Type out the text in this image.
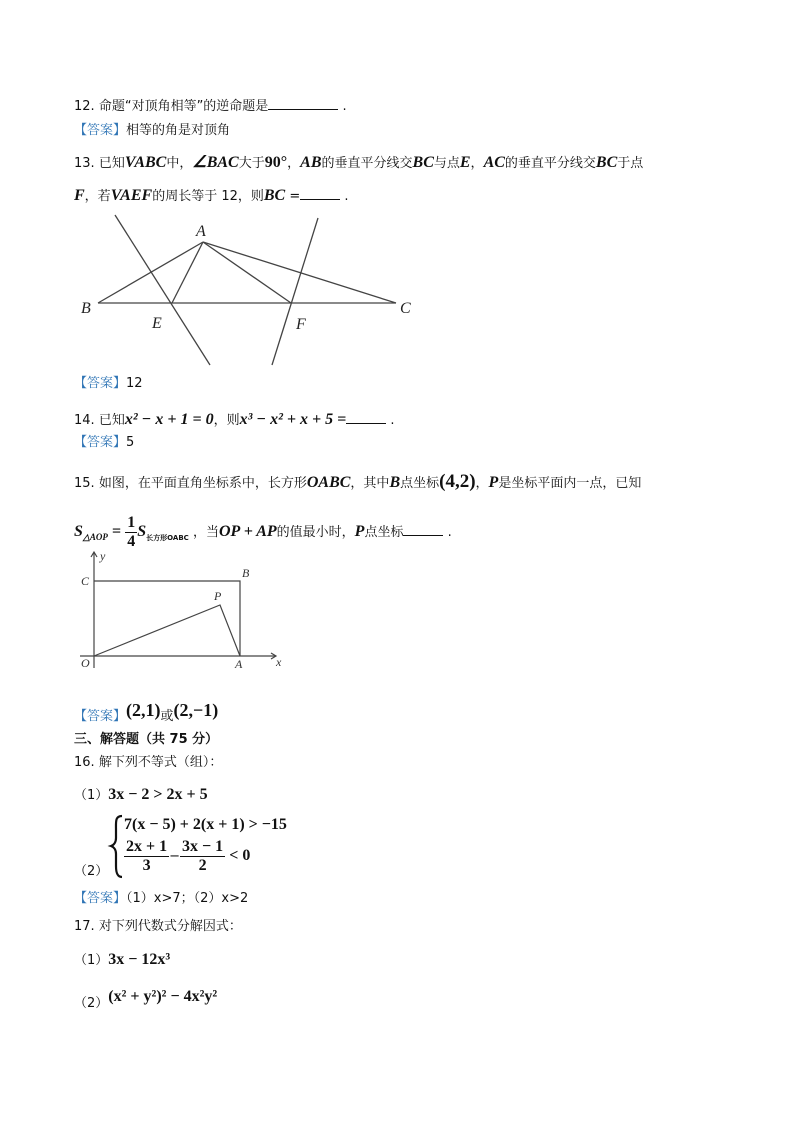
12. 命题“对顶角相等”的逆命题是	.
【答案】相等的角是对顶角
13. 已知VABC中，∠BAC大于90°，AB的垂直平分线交BC与点E，AC的垂直平分线交BC于点
F，若VAEF的周长等于 12，则BC =	.
A
B	C
E	F
y
C
B
P
O	A	x
【答案】12
14. 已知x² − x + 1 = 0，则x³ − x² + x + 5 =	.
【答案】5
15. 如图，在平面直角坐标系中，长方形OABC，其中B点坐标(4,2)，P是坐标平面内一点，已知
$S_{\triangle AOP} = \frac{1}{4} S_{长方形OABC}$ ，当OP + AP的值最小时，P点坐标	.
【答案】(2,1)或(2,−1)
三、解答题（共 75 分）
16. 解下列不等式（组）：
（1）3x − 2 > 2x + 5
（2）
7(x − 5) + 2(x + 1) > −15
$\frac{2x + 1}{3} - \frac{3x - 1}{2} < 0$
【答案】（1）x>7；（2）x>2
17. 对下列代数式分解因式：
（1）3x − 12x³
（2）(x² + y²)² − 4x²y²
